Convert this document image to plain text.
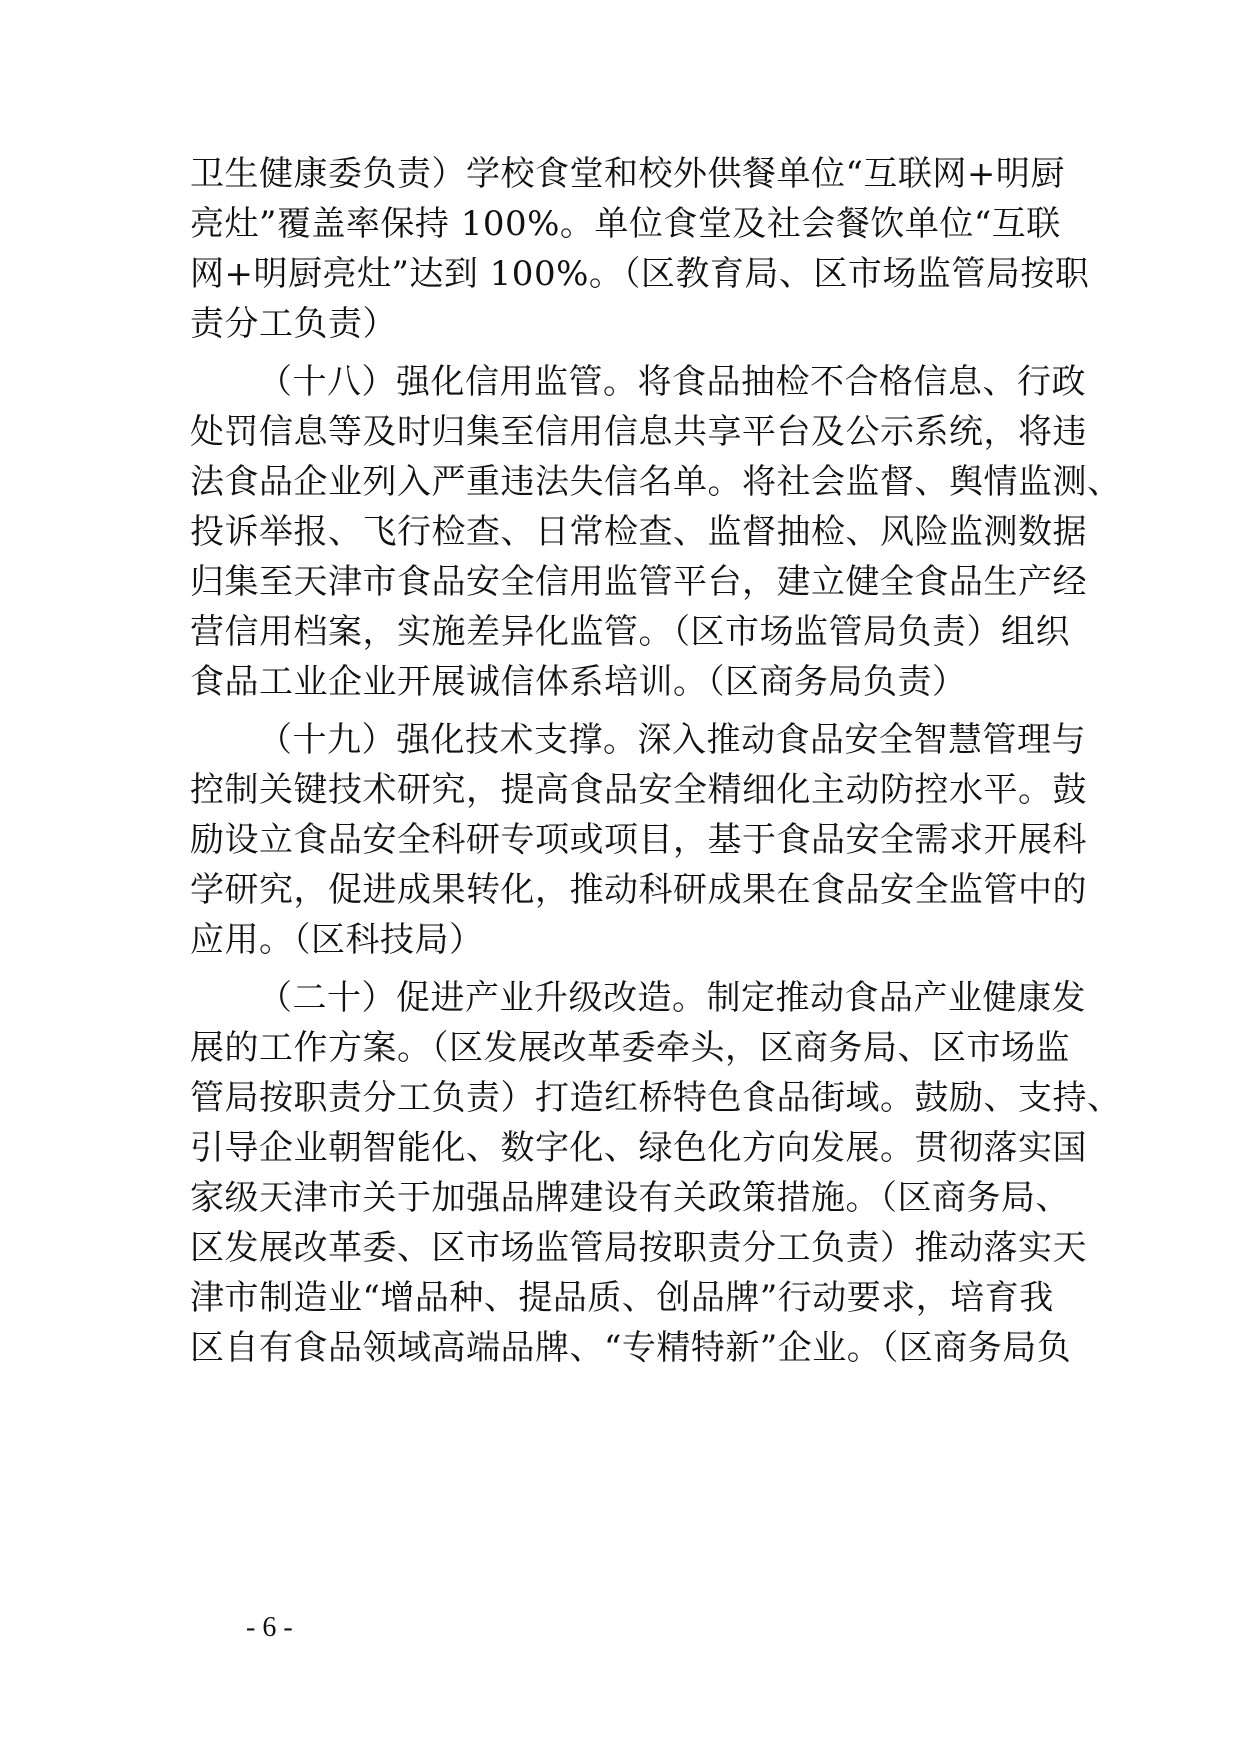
卫生健康委负责）学校食堂和校外供餐单位“互联网+明厨
亮灶”覆盖率保持 100%。单位食堂及社会餐饮单位“互联
网+明厨亮灶”达到 100%。（区教育局、区市场监管局按职
责分工负责）
（十八）强化信用监管。将食品抽检不合格信息、行政
处罚信息等及时归集至信用信息共享平台及公示系统，将违
法食品企业列入严重违法失信名单。将社会监督、舆情监测、
投诉举报、飞行检查、日常检查、监督抽检、风险监测数据
归集至天津市食品安全信用监管平台，建立健全食品生产经
营信用档案，实施差异化监管。（区市场监管局负责）组织
食品工业企业开展诚信体系培训。（区商务局负责）
（十九）强化技术支撑。深入推动食品安全智慧管理与
控制关键技术研究，提高食品安全精细化主动防控水平。鼓
励设立食品安全科研专项或项目，基于食品安全需求开展科
学研究，促进成果转化，推动科研成果在食品安全监管中的
应用。（区科技局）
（二十）促进产业升级改造。制定推动食品产业健康发
展的工作方案。（区发展改革委牵头，区商务局、区市场监
管局按职责分工负责）打造红桥特色食品街域。鼓励、支持、
引导企业朝智能化、数字化、绿色化方向发展。贯彻落实国
家级天津市关于加强品牌建设有关政策措施。（区商务局、
区发展改革委、区市场监管局按职责分工负责）推动落实天
津市制造业“增品种、提品质、创品牌”行动要求，培育我
区自有食品领域高端品牌、“专精特新”企业。（区商务局负
- 6 -
